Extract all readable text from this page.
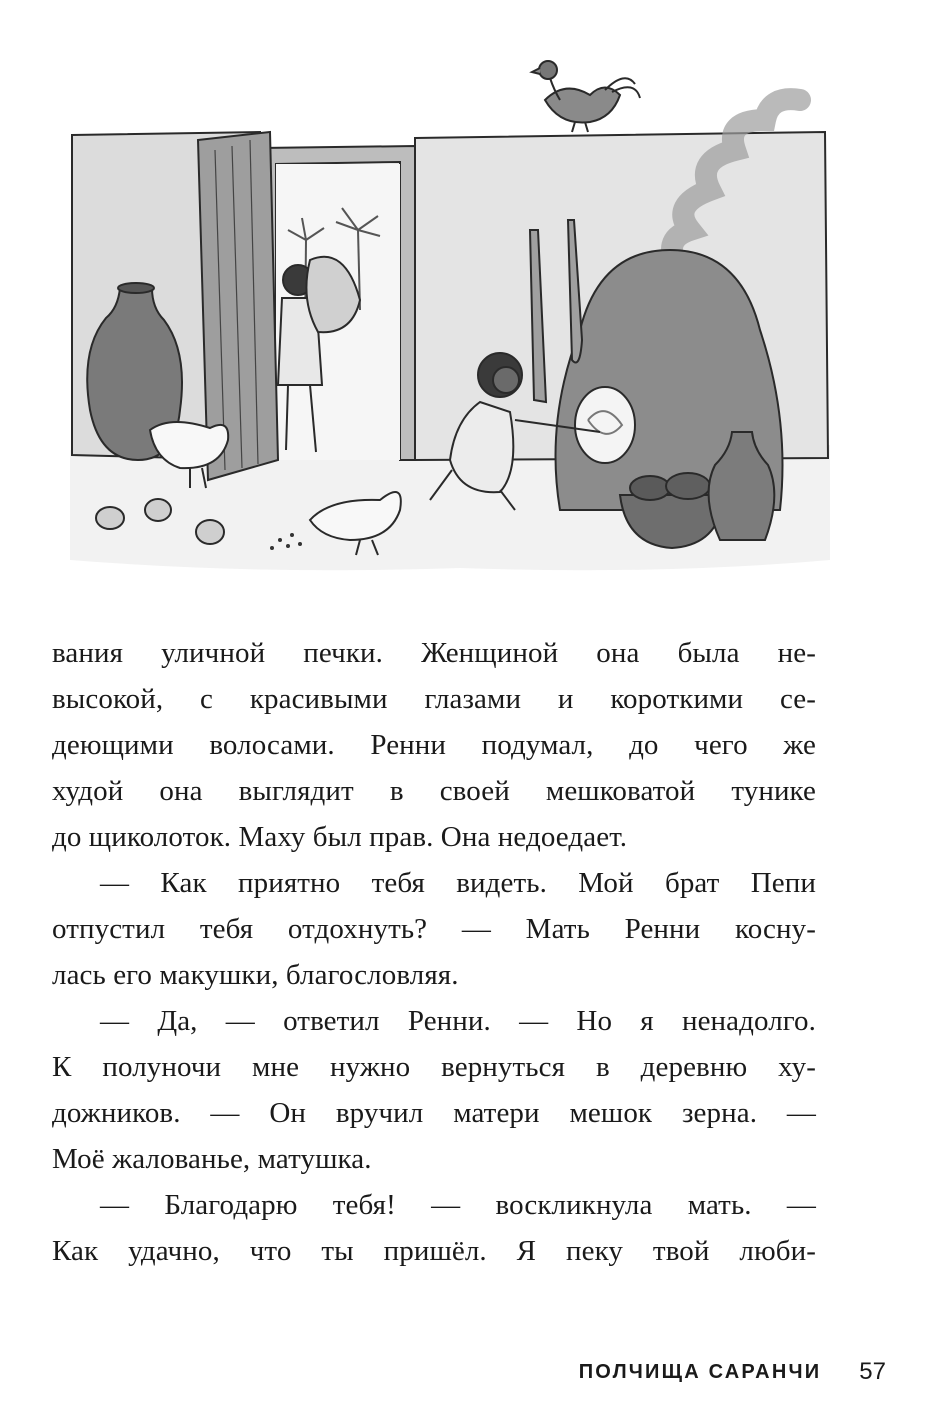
вания уличной печки. Женщиной она была не-
высокой, с красивыми глазами и короткими се-
деющими волосами. Ренни подумал, до чего же
худой она выглядит в своей мешковатой тунике
до щиколоток. Маху был прав. Она недоедает.
— Как приятно тебя видеть. Мой брат Пепи
отпустил тебя отдохнуть? — Мать Ренни косну-
лась его макушки, благословляя.
— Да, — ответил Ренни. — Но я ненадолго.
К полуночи мне нужно вернуться в деревню ху-
дожников. — Он вручил матери мешок зерна. —
Моё жалованье, матушка.
— Благодарю тебя! — воскликнула мать. —
Как удачно, что ты пришёл. Я пеку твой люби-
ПОЛЧИЩА САРАНЧИ 57
